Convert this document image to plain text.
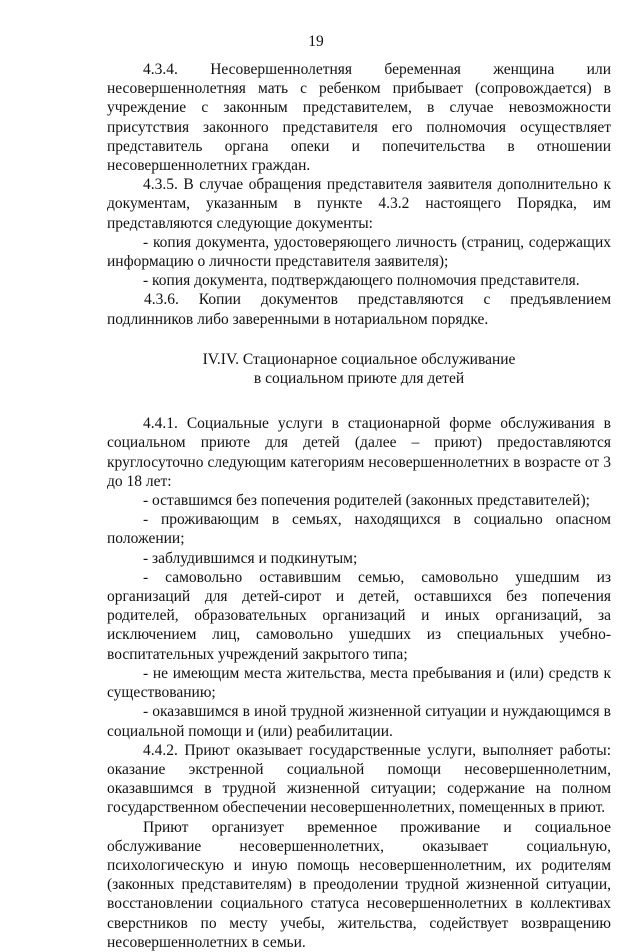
19

4.3.4. Несовершеннолетняя беременная женщина или несовершеннолетняя мать с ребенком прибывает (сопровождается) в учреждение с законным представителем, в случае невозможности присутствия законного представителя его полномочия осуществляет представитель органа опеки и попечительства в отношении несовершеннолетних граждан.

4.3.5. В случае обращения представителя заявителя дополнительно к документам, указанным в пункте 4.3.2 настоящего Порядка, им представляются следующие документы:

- копия документа, удостоверяющего личность (страниц, содержащих информацию о личности представителя заявителя);

- копия документа, подтверждающего полномочия представителя.

4.3.6. Копии документов представляются с предъявлением подлинников либо заверенными в нотариальном порядке.

IV.IV. Стационарное социальное обслуживание
в социальном приюте для детей

4.4.1. Социальные услуги в стационарной форме обслуживания в социальном приюте для детей (далее – приют) предоставляются круглосуточно следующим категориям несовершеннолетних в возрасте от 3 до 18 лет:

- оставшимся без попечения родителей (законных представителей);

- проживающим в семьях, находящихся в социально опасном положении;

- заблудившимся и подкинутым;

- самовольно оставившим семью, самовольно ушедшим из организаций для детей-сирот и детей, оставшихся без попечения родителей, образовательных организаций и иных организаций, за исключением лиц, самовольно ушедших из специальных учебно-воспитательных учреждений закрытого типа;

- не имеющим места жительства, места пребывания и (или) средств к существованию;

- оказавшимся в иной трудной жизненной ситуации и нуждающимся в социальной помощи и (или) реабилитации.

4.4.2. Приют оказывает государственные услуги, выполняет работы: оказание экстренной социальной помощи несовершеннолетним, оказавшимся в трудной жизненной ситуации; содержание на полном государственном обеспечении несовершеннолетних, помещенных в приют.

Приют организует временное проживание и социальное обслуживание несовершеннолетних, оказывает социальную, психологическую и иную помощь несовершеннолетним, их родителям (законных представителям) в преодолении трудной жизненной ситуации, восстановлении социального статуса несовершеннолетних в коллективах сверстников по месту учебы, жительства, содействует возвращению несовершеннолетних в семьи.
